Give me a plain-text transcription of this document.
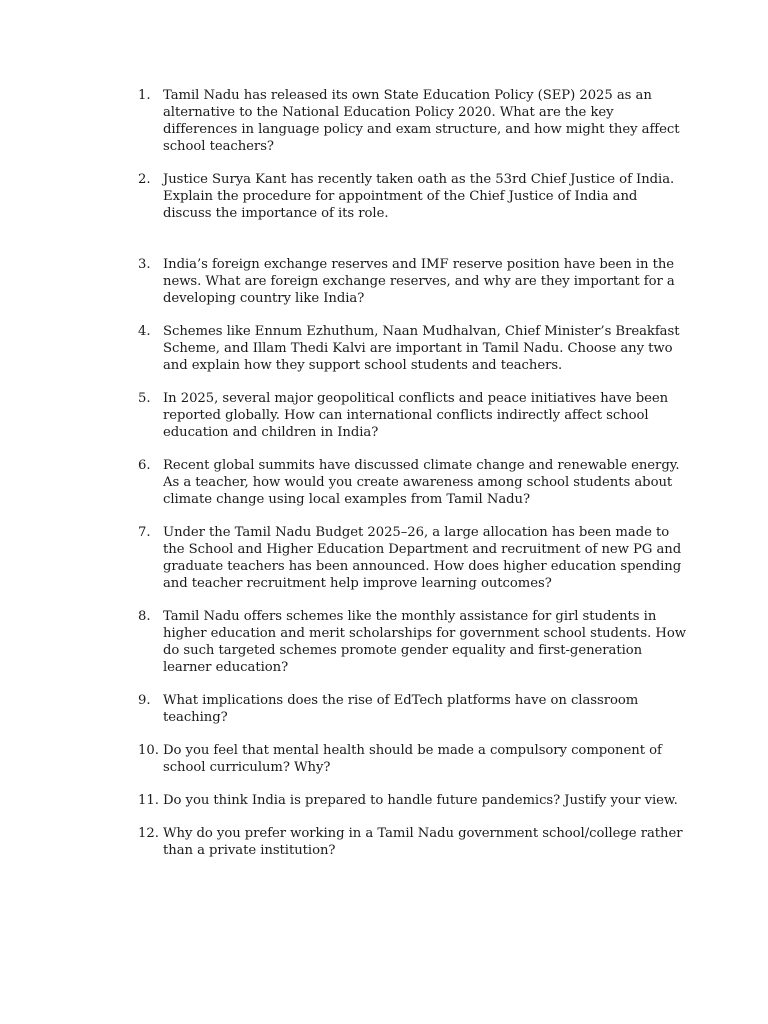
1. Tamil Nadu has released its own State Education Policy (SEP) 2025 as an alternative to the National Education Policy 2020. What are the key differences in language policy and exam structure, and how might they affect school teachers?
2. Justice Surya Kant has recently taken oath as the 53rd Chief Justice of India. Explain the procedure for appointment of the Chief Justice of India and discuss the importance of its role.
3. India’s foreign exchange reserves and IMF reserve position have been in the news. What are foreign exchange reserves, and why are they important for a developing country like India?
4. Schemes like Ennum Ezhuthum, Naan Mudhalvan, Chief Minister’s Breakfast Scheme, and Illam Thedi Kalvi are important in Tamil Nadu. Choose any two and explain how they support school students and teachers.
5. In 2025, several major geopolitical conflicts and peace initiatives have been reported globally. How can international conflicts indirectly affect school education and children in India?
6. Recent global summits have discussed climate change and renewable energy. As a teacher, how would you create awareness among school students about climate change using local examples from Tamil Nadu?
7. Under the Tamil Nadu Budget 2025–26, a large allocation has been made to the School and Higher Education Department and recruitment of new PG and graduate teachers has been announced. How does higher education spending and teacher recruitment help improve learning outcomes?
8. Tamil Nadu offers schemes like the monthly assistance for girl students in higher education and merit scholarships for government school students. How do such targeted schemes promote gender equality and first-generation learner education?
9. What implications does the rise of EdTech platforms have on classroom teaching?
10. Do you feel that mental health should be made a compulsory component of school curriculum? Why?
11. Do you think India is prepared to handle future pandemics? Justify your view.
12. Why do you prefer working in a Tamil Nadu government school/college rather than a private institution?
